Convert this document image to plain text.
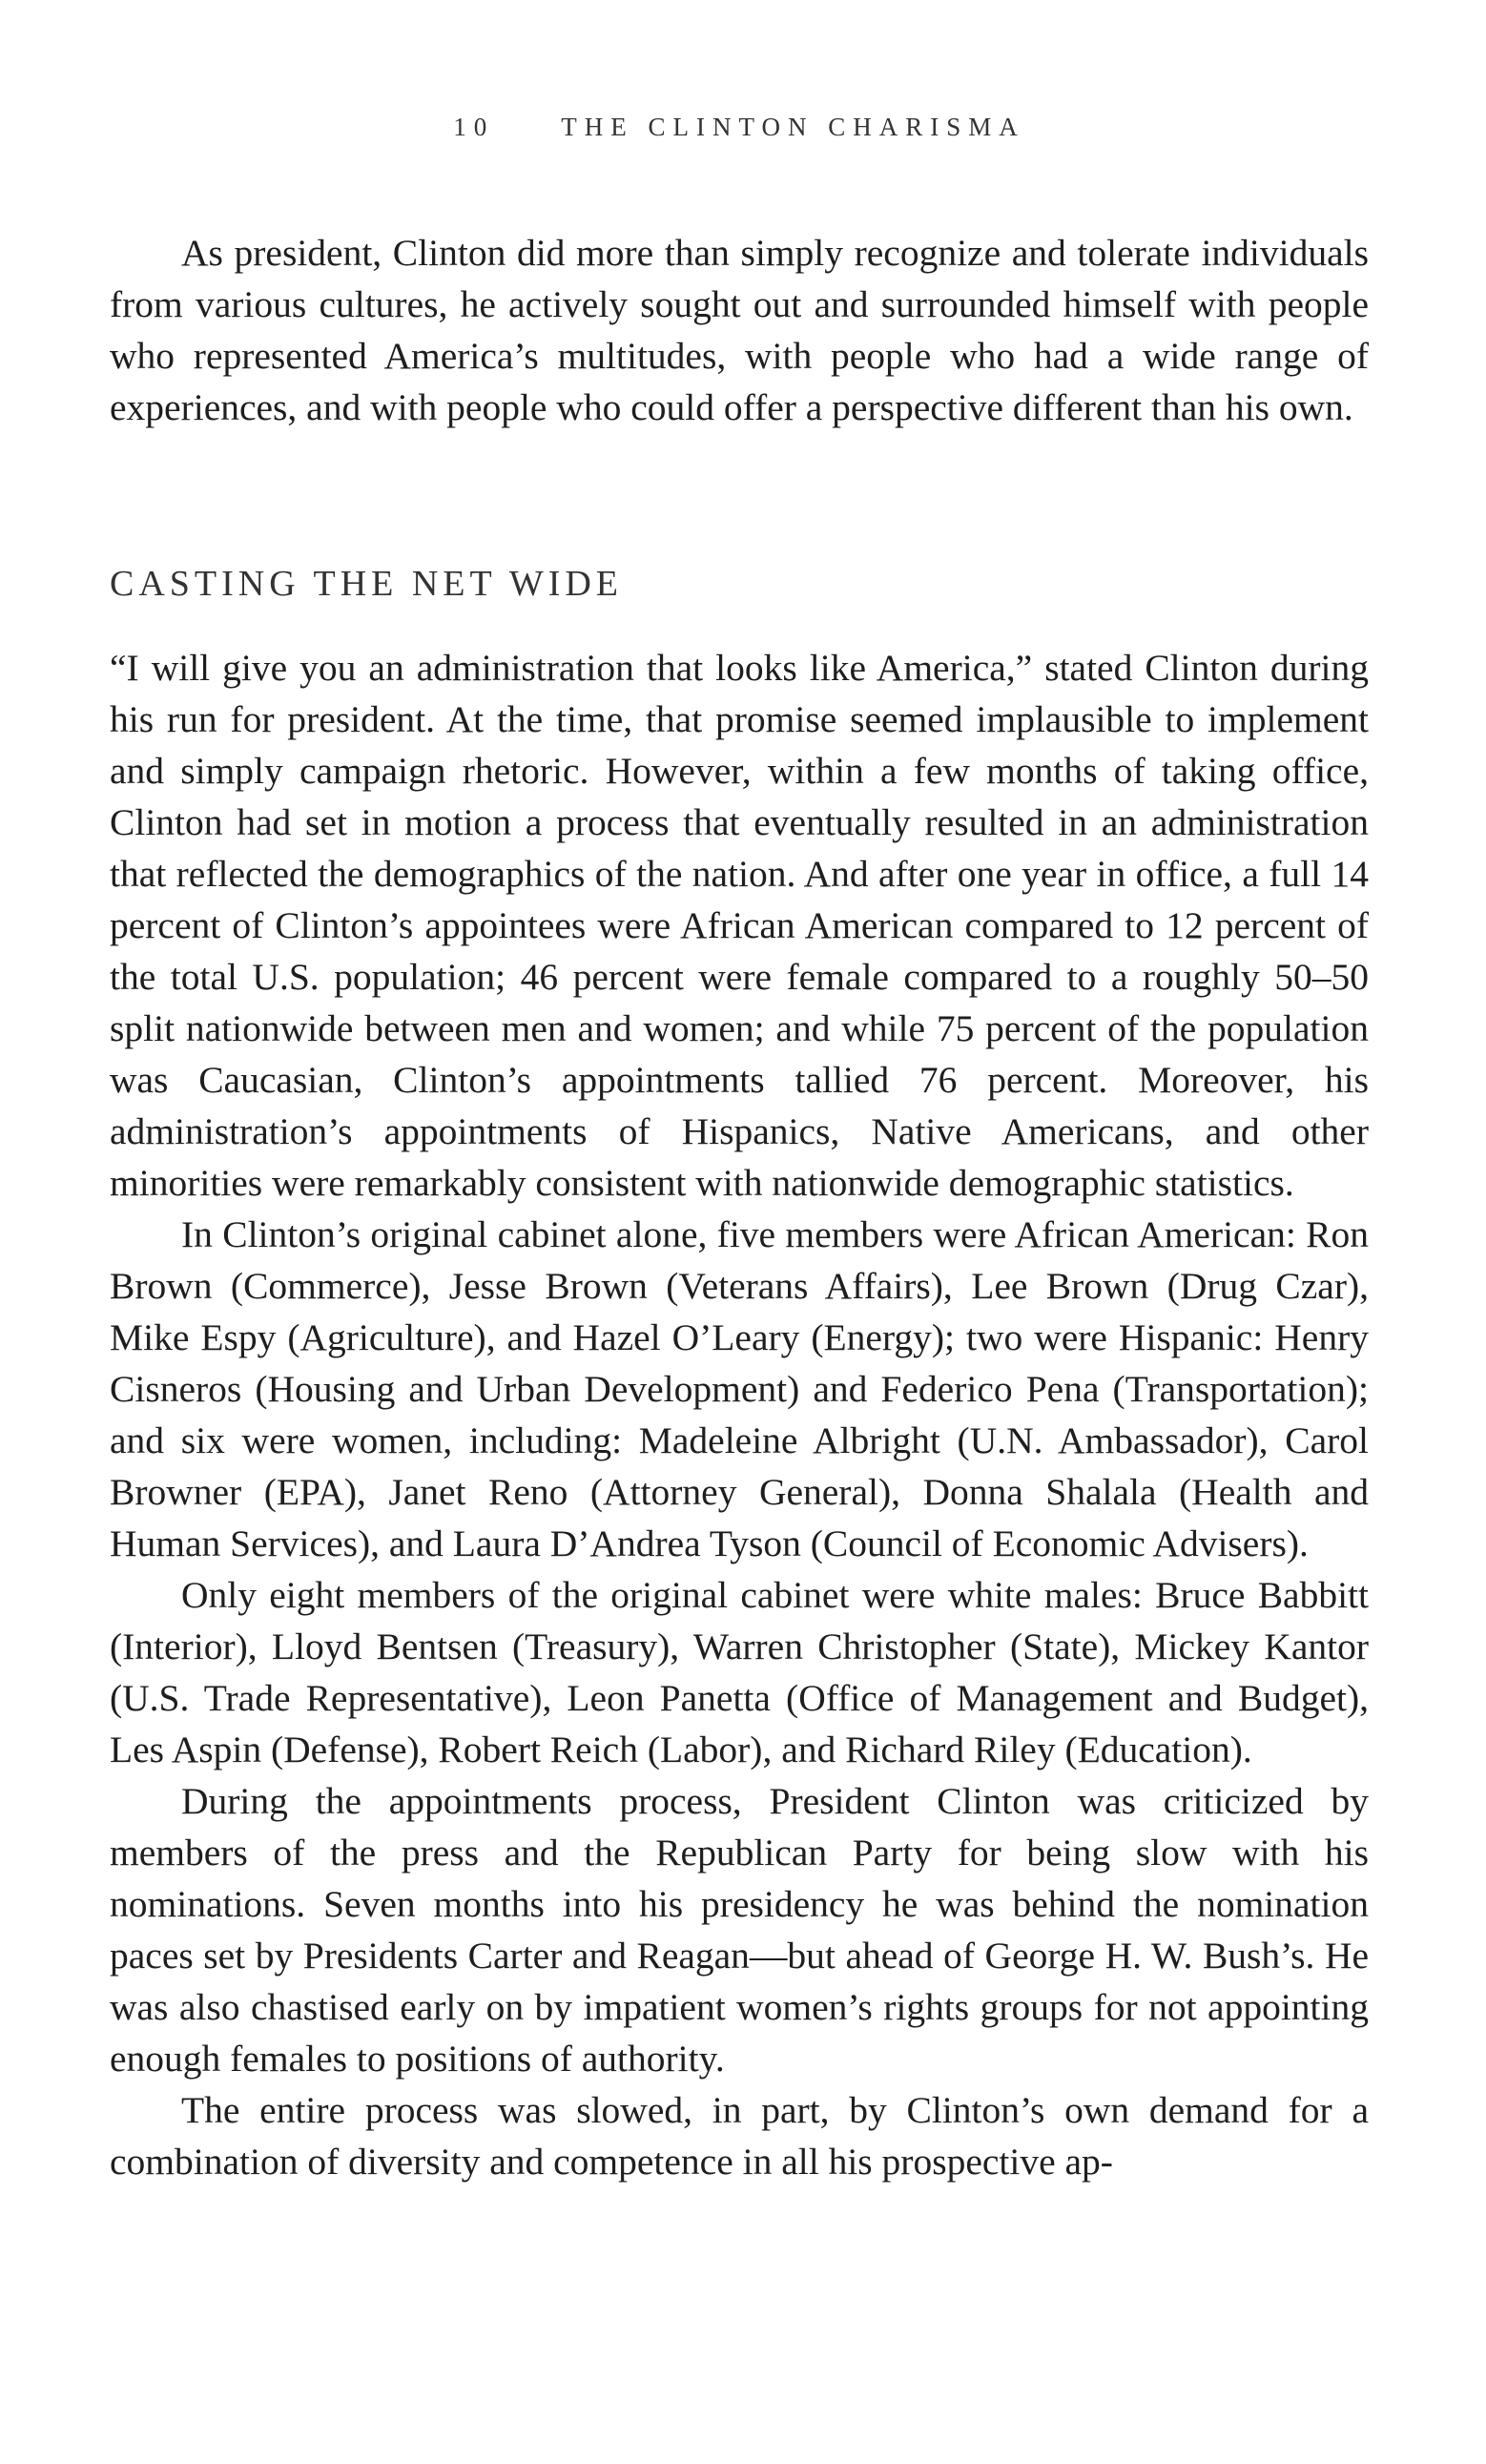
10	THE CLINTON CHARISMA

As president, Clinton did more than simply recognize and tolerate individuals from various cultures, he actively sought out and surrounded himself with people who represented America’s multitudes, with people who had a wide range of experiences, and with people who could offer a perspective different than his own.

CASTING THE NET WIDE

“I will give you an administration that looks like America,” stated Clinton during his run for president. At the time, that promise seemed implausible to implement and simply campaign rhetoric. However, within a few months of taking office, Clinton had set in motion a process that eventually resulted in an administration that reflected the demographics of the nation. And after one year in office, a full 14 percent of Clinton’s appointees were African American compared to 12 percent of the total U.S. population; 46 percent were female compared to a roughly 50–50 split nationwide between men and women; and while 75 percent of the population was Caucasian, Clinton’s appointments tallied 76 percent. Moreover, his administration’s appointments of Hispanics, Native Americans, and other minorities were remarkably consistent with nationwide demographic statistics.

In Clinton’s original cabinet alone, five members were African American: Ron Brown (Commerce), Jesse Brown (Veterans Affairs), Lee Brown (Drug Czar), Mike Espy (Agriculture), and Hazel O’Leary (Energy); two were Hispanic: Henry Cisneros (Housing and Urban Development) and Federico Pena (Transportation); and six were women, including: Madeleine Albright (U.N. Ambassador), Carol Browner (EPA), Janet Reno (Attorney General), Donna Shalala (Health and Human Services), and Laura D’Andrea Tyson (Council of Economic Advisers).

Only eight members of the original cabinet were white males: Bruce Babbitt (Interior), Lloyd Bentsen (Treasury), Warren Christopher (State), Mickey Kantor (U.S. Trade Representative), Leon Panetta (Office of Management and Budget), Les Aspin (Defense), Robert Reich (Labor), and Richard Riley (Education).

During the appointments process, President Clinton was criticized by members of the press and the Republican Party for being slow with his nominations. Seven months into his presidency he was behind the nomination paces set by Presidents Carter and Reagan—but ahead of George H. W. Bush’s. He was also chastised early on by impatient women’s rights groups for not appointing enough females to positions of authority.

The entire process was slowed, in part, by Clinton’s own demand for a combination of diversity and competence in all his prospective ap-
